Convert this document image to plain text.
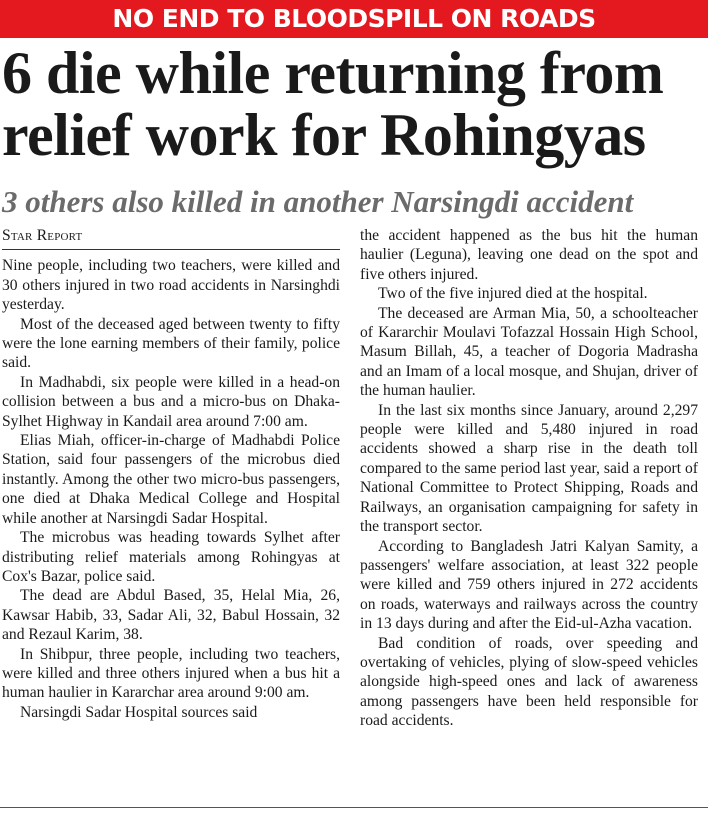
NO END TO BLOODSPILL ON ROADS
6 die while returning from relief work for Rohingyas
3 others also killed in another Narsingdi accident
Star Report

Nine people, including two teachers, were killed and 30 others injured in two road accidents in Narsinghdi yesterday.

Most of the deceased aged between twenty to fifty were the lone earning members of their family, police said.

In Madhabdi, six people were killed in a head-on collision between a bus and a micro-bus on Dhaka-Sylhet Highway in Kandail area around 7:00 am.

Elias Miah, officer-in-charge of Madhabdi Police Station, said four passengers of the microbus died instantly. Among the other two micro-bus passengers, one died at Dhaka Medical College and Hospital while another at Narsingdi Sadar Hospital.

The microbus was heading towards Sylhet after distributing relief materials among Rohingyas at Cox's Bazar, police said.

The dead are Abdul Based, 35, Helal Mia, 26, Kawsar Habib, 33, Sadar Ali, 32, Babul Hossain, 32 and Rezaul Karim, 38.

In Shibpur, three people, including two teachers, were killed and three others injured when a bus hit a human haulier in Kararchar area around 9:00 am.

Narsingdi Sadar Hospital sources said

the accident happened as the bus hit the human haulier (Leguna), leaving one dead on the spot and five others injured.

Two of the five injured died at the hospital.

The deceased are Arman Mia, 50, a schoolteacher of Kararchir Moulavi Tofazzal Hossain High School, Masum Billah, 45, a teacher of Dogoria Madrasha and an Imam of a local mosque, and Shujan, driver of the human haulier.

In the last six months since January, around 2,297 people were killed and 5,480 injured in road accidents showed a sharp rise in the death toll compared to the same period last year, said a report of National Committee to Protect Shipping, Roads and Railways, an organisation campaigning for safety in the transport sector.

According to Bangladesh Jatri Kalyan Samity, a passengers' welfare association, at least 322 people were killed and 759 others injured in 272 accidents on roads, waterways and railways across the country in 13 days during and after the Eid-ul-Azha vacation.

Bad condition of roads, over speeding and overtaking of vehicles, plying of slow-speed vehicles alongside high-speed ones and lack of awareness among passengers have been held responsible for road accidents.
